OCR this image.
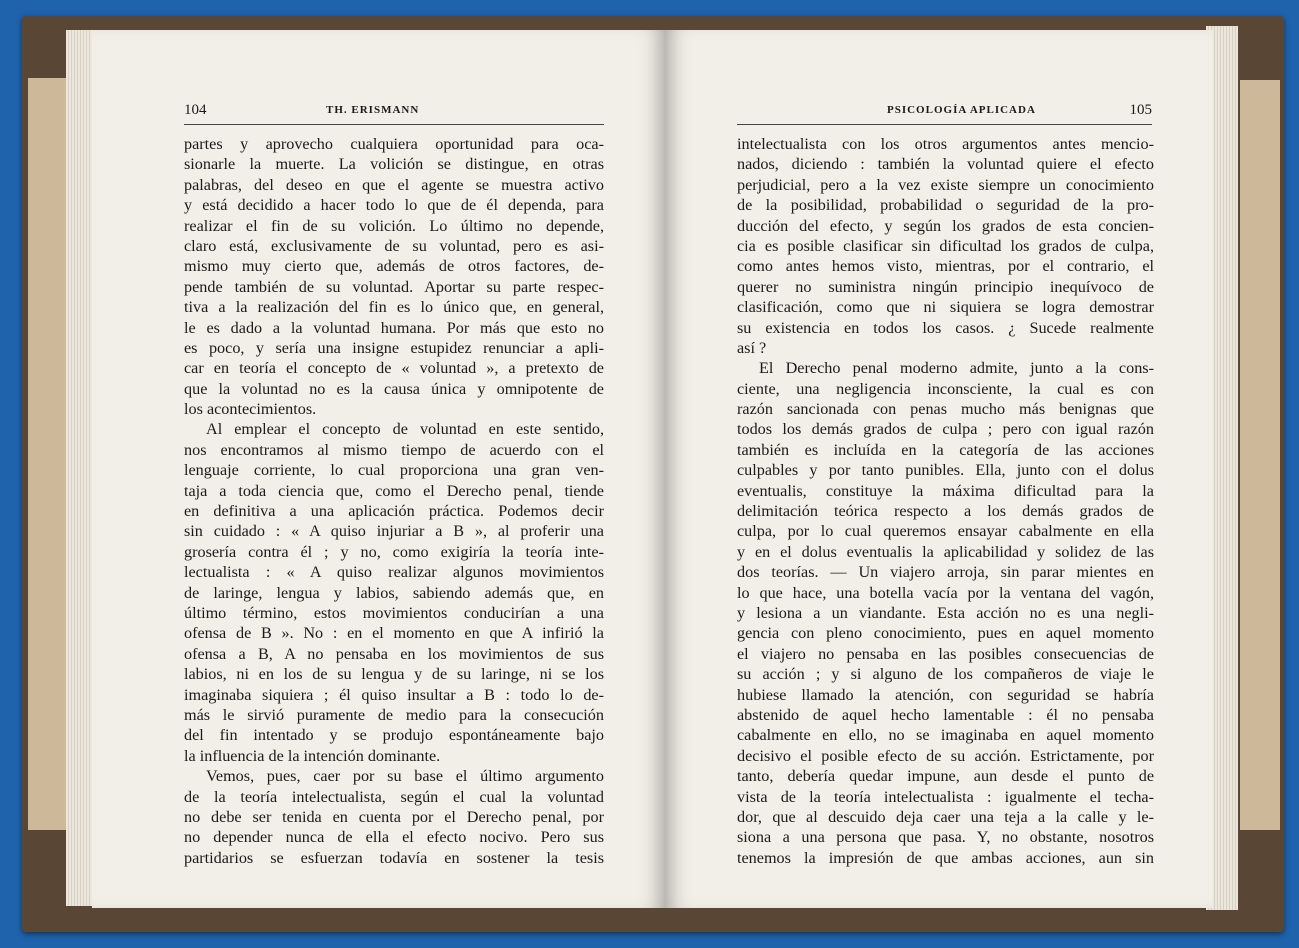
104	TH. ERISMANN
partes y aprovecho cualquiera oportunidad para oca-
sionarle la muerte. La volición se distingue, en otras
palabras, del deseo en que el agente se muestra activo
y está decidido a hacer todo lo que de él dependa, para
realizar el fin de su volición. Lo último no depende,
claro está, exclusivamente de su voluntad, pero es asi-
mismo muy cierto que, además de otros factores, de-
pende también de su voluntad. Aportar su parte respec-
tiva a la realización del fin es lo único que, en general,
le es dado a la voluntad humana. Por más que esto no
es poco, y sería una insigne estupidez renunciar a apli-
car en teoría el concepto de « voluntad », a pretexto de
que la voluntad no es la causa única y omnipotente de
los acontecimientos.
Al emplear el concepto de voluntad en este sentido,
nos encontramos al mismo tiempo de acuerdo con el
lenguaje corriente, lo cual proporciona una gran ven-
taja a toda ciencia que, como el Derecho penal, tiende
en definitiva a una aplicación práctica. Podemos decir
sin cuidado : « A quiso injuriar a B », al proferir una
grosería contra él ; y no, como exigiría la teoría inte-
lectualista : « A quiso realizar algunos movimientos
de laringe, lengua y labios, sabiendo además que, en
último término, estos movimientos conducirían a una
ofensa de B ». No : en el momento en que A infirió la
ofensa a B, A no pensaba en los movimientos de sus
labios, ni en los de su lengua y de su laringe, ni se los
imaginaba siquiera ; él quiso insultar a B : todo lo de-
más le sirvió puramente de medio para la consecución
del fin intentado y se produjo espontáneamente bajo
la influencia de la intención dominante.
Vemos, pues, caer por su base el último argumento
de la teoría intelectualista, según el cual la voluntad
no debe ser tenida en cuenta por el Derecho penal, por
no depender nunca de ella el efecto nocivo. Pero sus
partidarios se esfuerzan todavía en sostener la tesis
PSICOLOGÍA APLICADA	105
intelectualista con los otros argumentos antes mencio-
nados, diciendo : también la voluntad quiere el efecto
perjudicial, pero a la vez existe siempre un conocimiento
de la posibilidad, probabilidad o seguridad de la pro-
ducción del efecto, y según los grados de esta concien-
cia es posible clasificar sin dificultad los grados de culpa,
como antes hemos visto, mientras, por el contrario, el
querer no suministra ningún principio inequívoco de
clasificación, como que ni siquiera se logra demostrar
su existencia en todos los casos. ¿ Sucede realmente
así ?
El Derecho penal moderno admite, junto a la cons-
ciente, una negligencia inconsciente, la cual es con
razón sancionada con penas mucho más benignas que
todos los demás grados de culpa ; pero con igual razón
también es incluída en la categoría de las acciones
culpables y por tanto punibles. Ella, junto con el dolus
eventualis, constituye la máxima dificultad para la
delimitación teórica respecto a los demás grados de
culpa, por lo cual queremos ensayar cabalmente en ella
y en el dolus eventualis la aplicabilidad y solidez de las
dos teorías. — Un viajero arroja, sin parar mientes en
lo que hace, una botella vacía por la ventana del vagón,
y lesiona a un viandante. Esta acción no es una negli-
gencia con pleno conocimiento, pues en aquel momento
el viajero no pensaba en las posibles consecuencias de
su acción ; y si alguno de los compañeros de viaje le
hubiese llamado la atención, con seguridad se habría
abstenido de aquel hecho lamentable : él no pensaba
cabalmente en ello, no se imaginaba en aquel momento
decisivo el posible efecto de su acción. Estrictamente, por
tanto, debería quedar impune, aun desde el punto de
vista de la teoría intelectualista : igualmente el techa-
dor, que al descuido deja caer una teja a la calle y le-
siona a una persona que pasa. Y, no obstante, nosotros
tenemos la impresión de que ambas acciones, aun sin
